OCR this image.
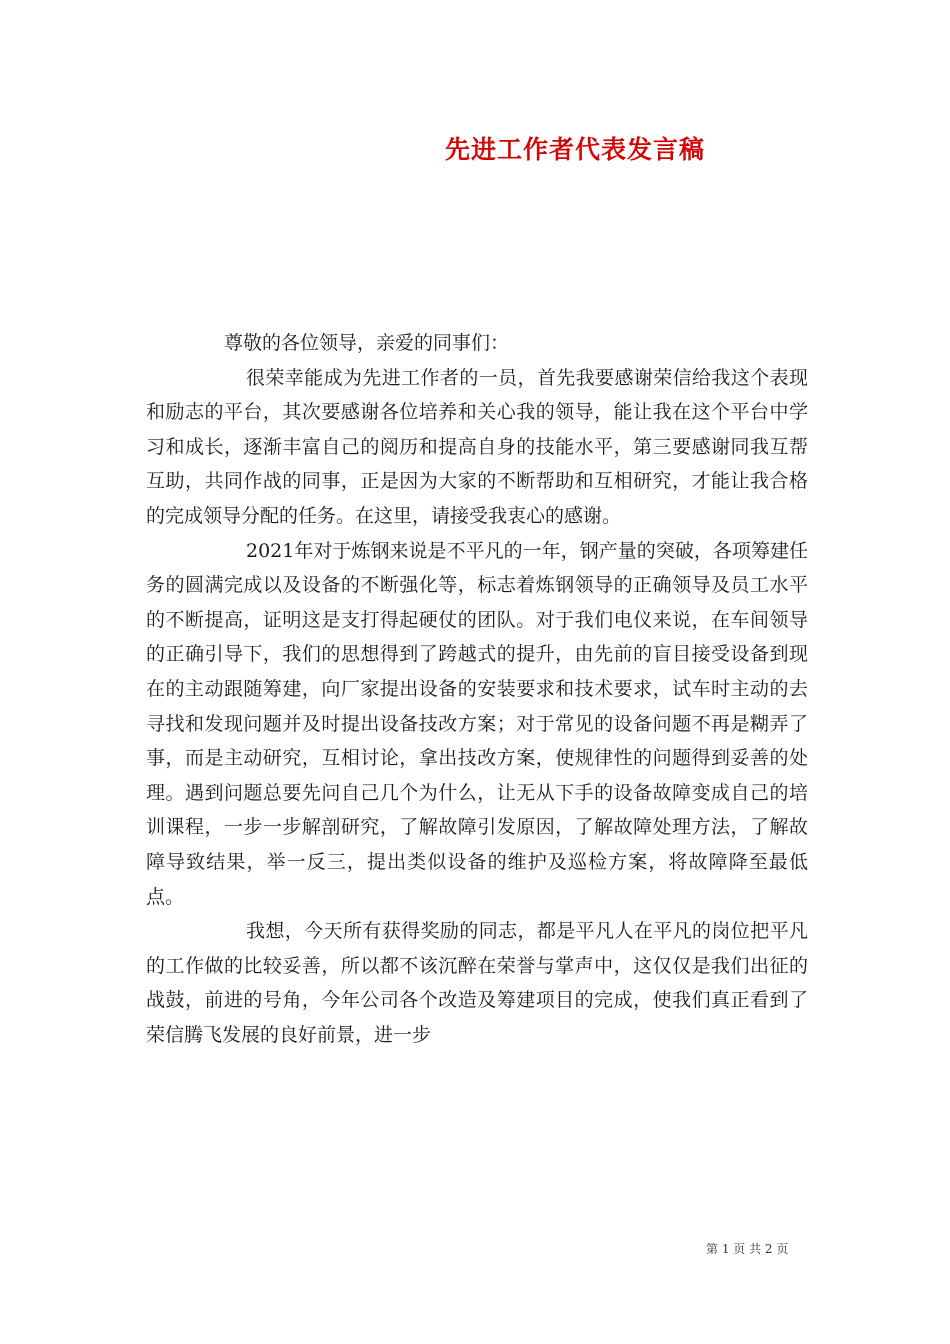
先进工作者代表发言稿

尊敬的各位领导，亲爱的同事们：

很荣幸能成为先进工作者的一员，首先我要感谢荣信给我这个表现和励志的平台，其次要感谢各位培养和关心我的领导，能让我在这个平台中学习和成长，逐渐丰富自己的阅历和提高自身的技能水平，第三要感谢同我互帮互助，共同作战的同事，正是因为大家的不断帮助和互相研究，才能让我合格的完成领导分配的任务。在这里，请接受我衷心的感谢。

2021年对于炼钢来说是不平凡的一年，钢产量的突破，各项筹建任务的圆满完成以及设备的不断强化等，标志着炼钢领导的正确领导及员工水平的不断提高，证明这是支打得起硬仗的团队。对于我们电仪来说，在车间领导的正确引导下，我们的思想得到了跨越式的提升，由先前的盲目接受设备到现在的主动跟随筹建，向厂家提出设备的安装要求和技术要求，试车时主动的去寻找和发现问题并及时提出设备技改方案；对于常见的设备问题不再是糊弄了事，而是主动研究，互相讨论，拿出技改方案，使规律性的问题得到妥善的处理。遇到问题总要先问自己几个为什么，让无从下手的设备故障变成自己的培训课程，一步一步解剖研究，了解故障引发原因，了解故障处理方法，了解故障导致结果，举一反三，提出类似设备的维护及巡检方案，将故障降至最低点。

我想，今天所有获得奖励的同志，都是平凡人在平凡的岗位把平凡的工作做的比较妥善，所以都不该沉醉在荣誉与掌声中，这仅仅是我们出征的战鼓，前进的号角，今年公司各个改造及筹建项目的完成，使我们真正看到了荣信腾飞发展的良好前景，进一步

第 1 页 共 2 页
